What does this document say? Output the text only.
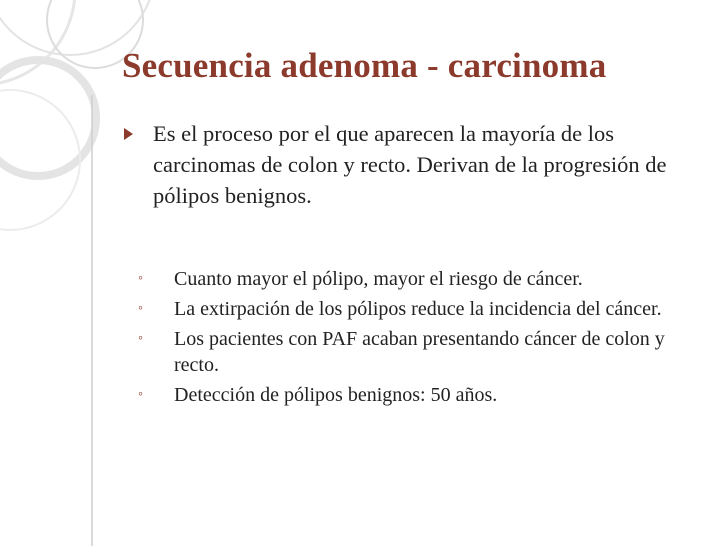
Secuencia adenoma - carcinoma
Es el proceso por el que aparecen la mayoría de los carcinomas de colon y recto. Derivan de la progresión de pólipos benignos.
◦ Cuanto mayor el pólipo, mayor el riesgo de cáncer.
◦ La extirpación de los pólipos reduce la incidencia del cáncer.
◦ Los pacientes con PAF acaban presentando cáncer de colon y recto.
◦ Detección de pólipos benignos: 50 años.
